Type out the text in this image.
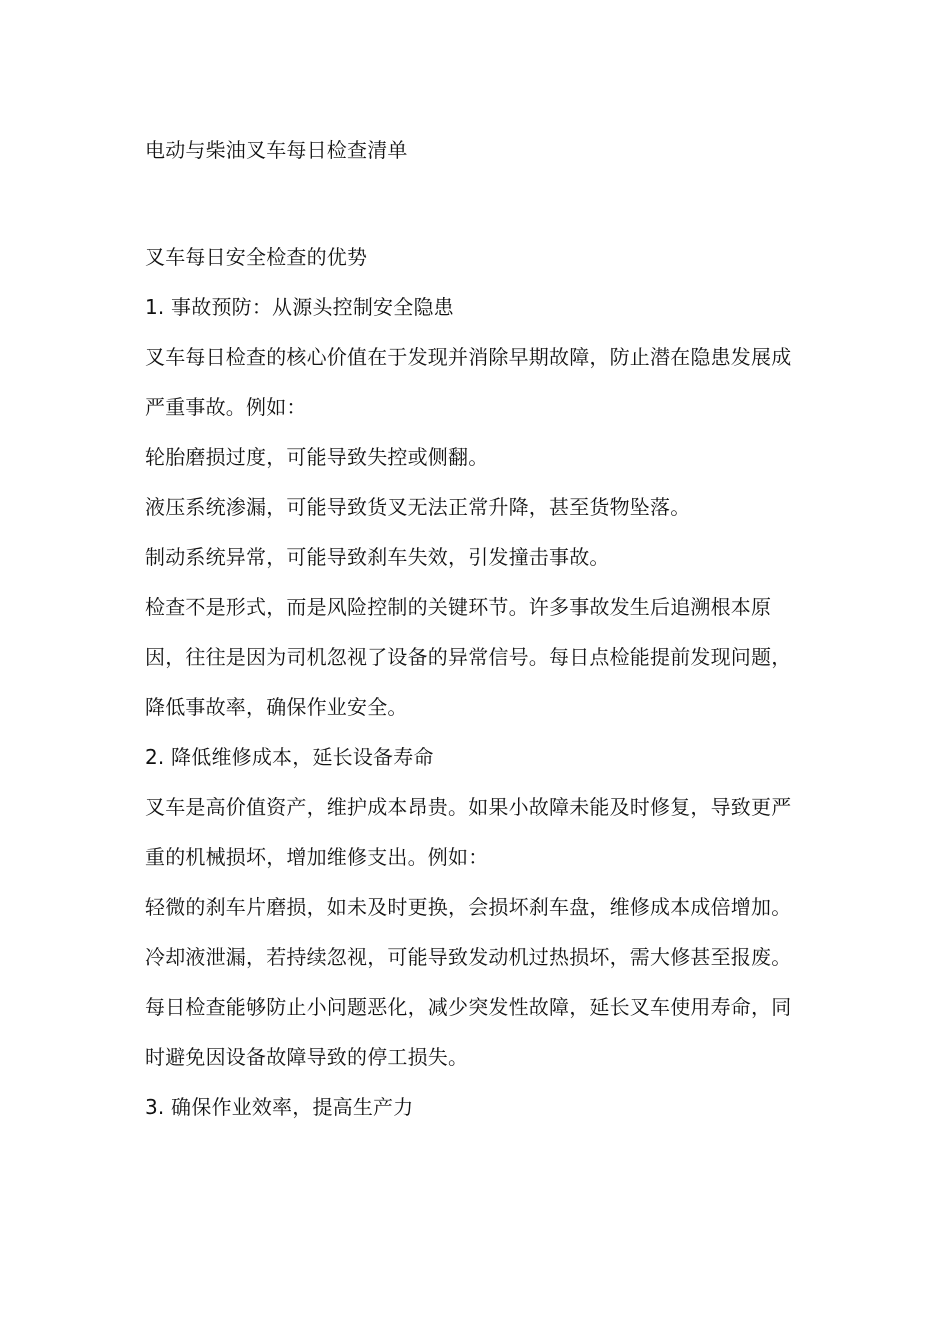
电动与柴油叉车每日检查清单

叉车每日安全检查的优势

1. 事故预防：从源头控制安全隐患

叉车每日检查的核心价值在于发现并消除早期故障，防止潜在隐患发展成严重事故。例如：

轮胎磨损过度，可能导致失控或侧翻。

液压系统渗漏，可能导致货叉无法正常升降，甚至货物坠落。

制动系统异常，可能导致刹车失效，引发撞击事故。

检查不是形式，而是风险控制的关键环节。许多事故发生后追溯根本原因，往往是因为司机忽视了设备的异常信号。每日点检能提前发现问题，降低事故率，确保作业安全。

2. 降低维修成本，延长设备寿命

叉车是高价值资产，维护成本昂贵。如果小故障未能及时修复，导致更严重的机械损坏，增加维修支出。例如：

轻微的刹车片磨损，如未及时更换，会损坏刹车盘，维修成本成倍增加。

冷却液泄漏，若持续忽视，可能导致发动机过热损坏，需大修甚至报废。

每日检查能够防止小问题恶化，减少突发性故障，延长叉车使用寿命，同时避免因设备故障导致的停工损失。

3. 确保作业效率，提高生产力
